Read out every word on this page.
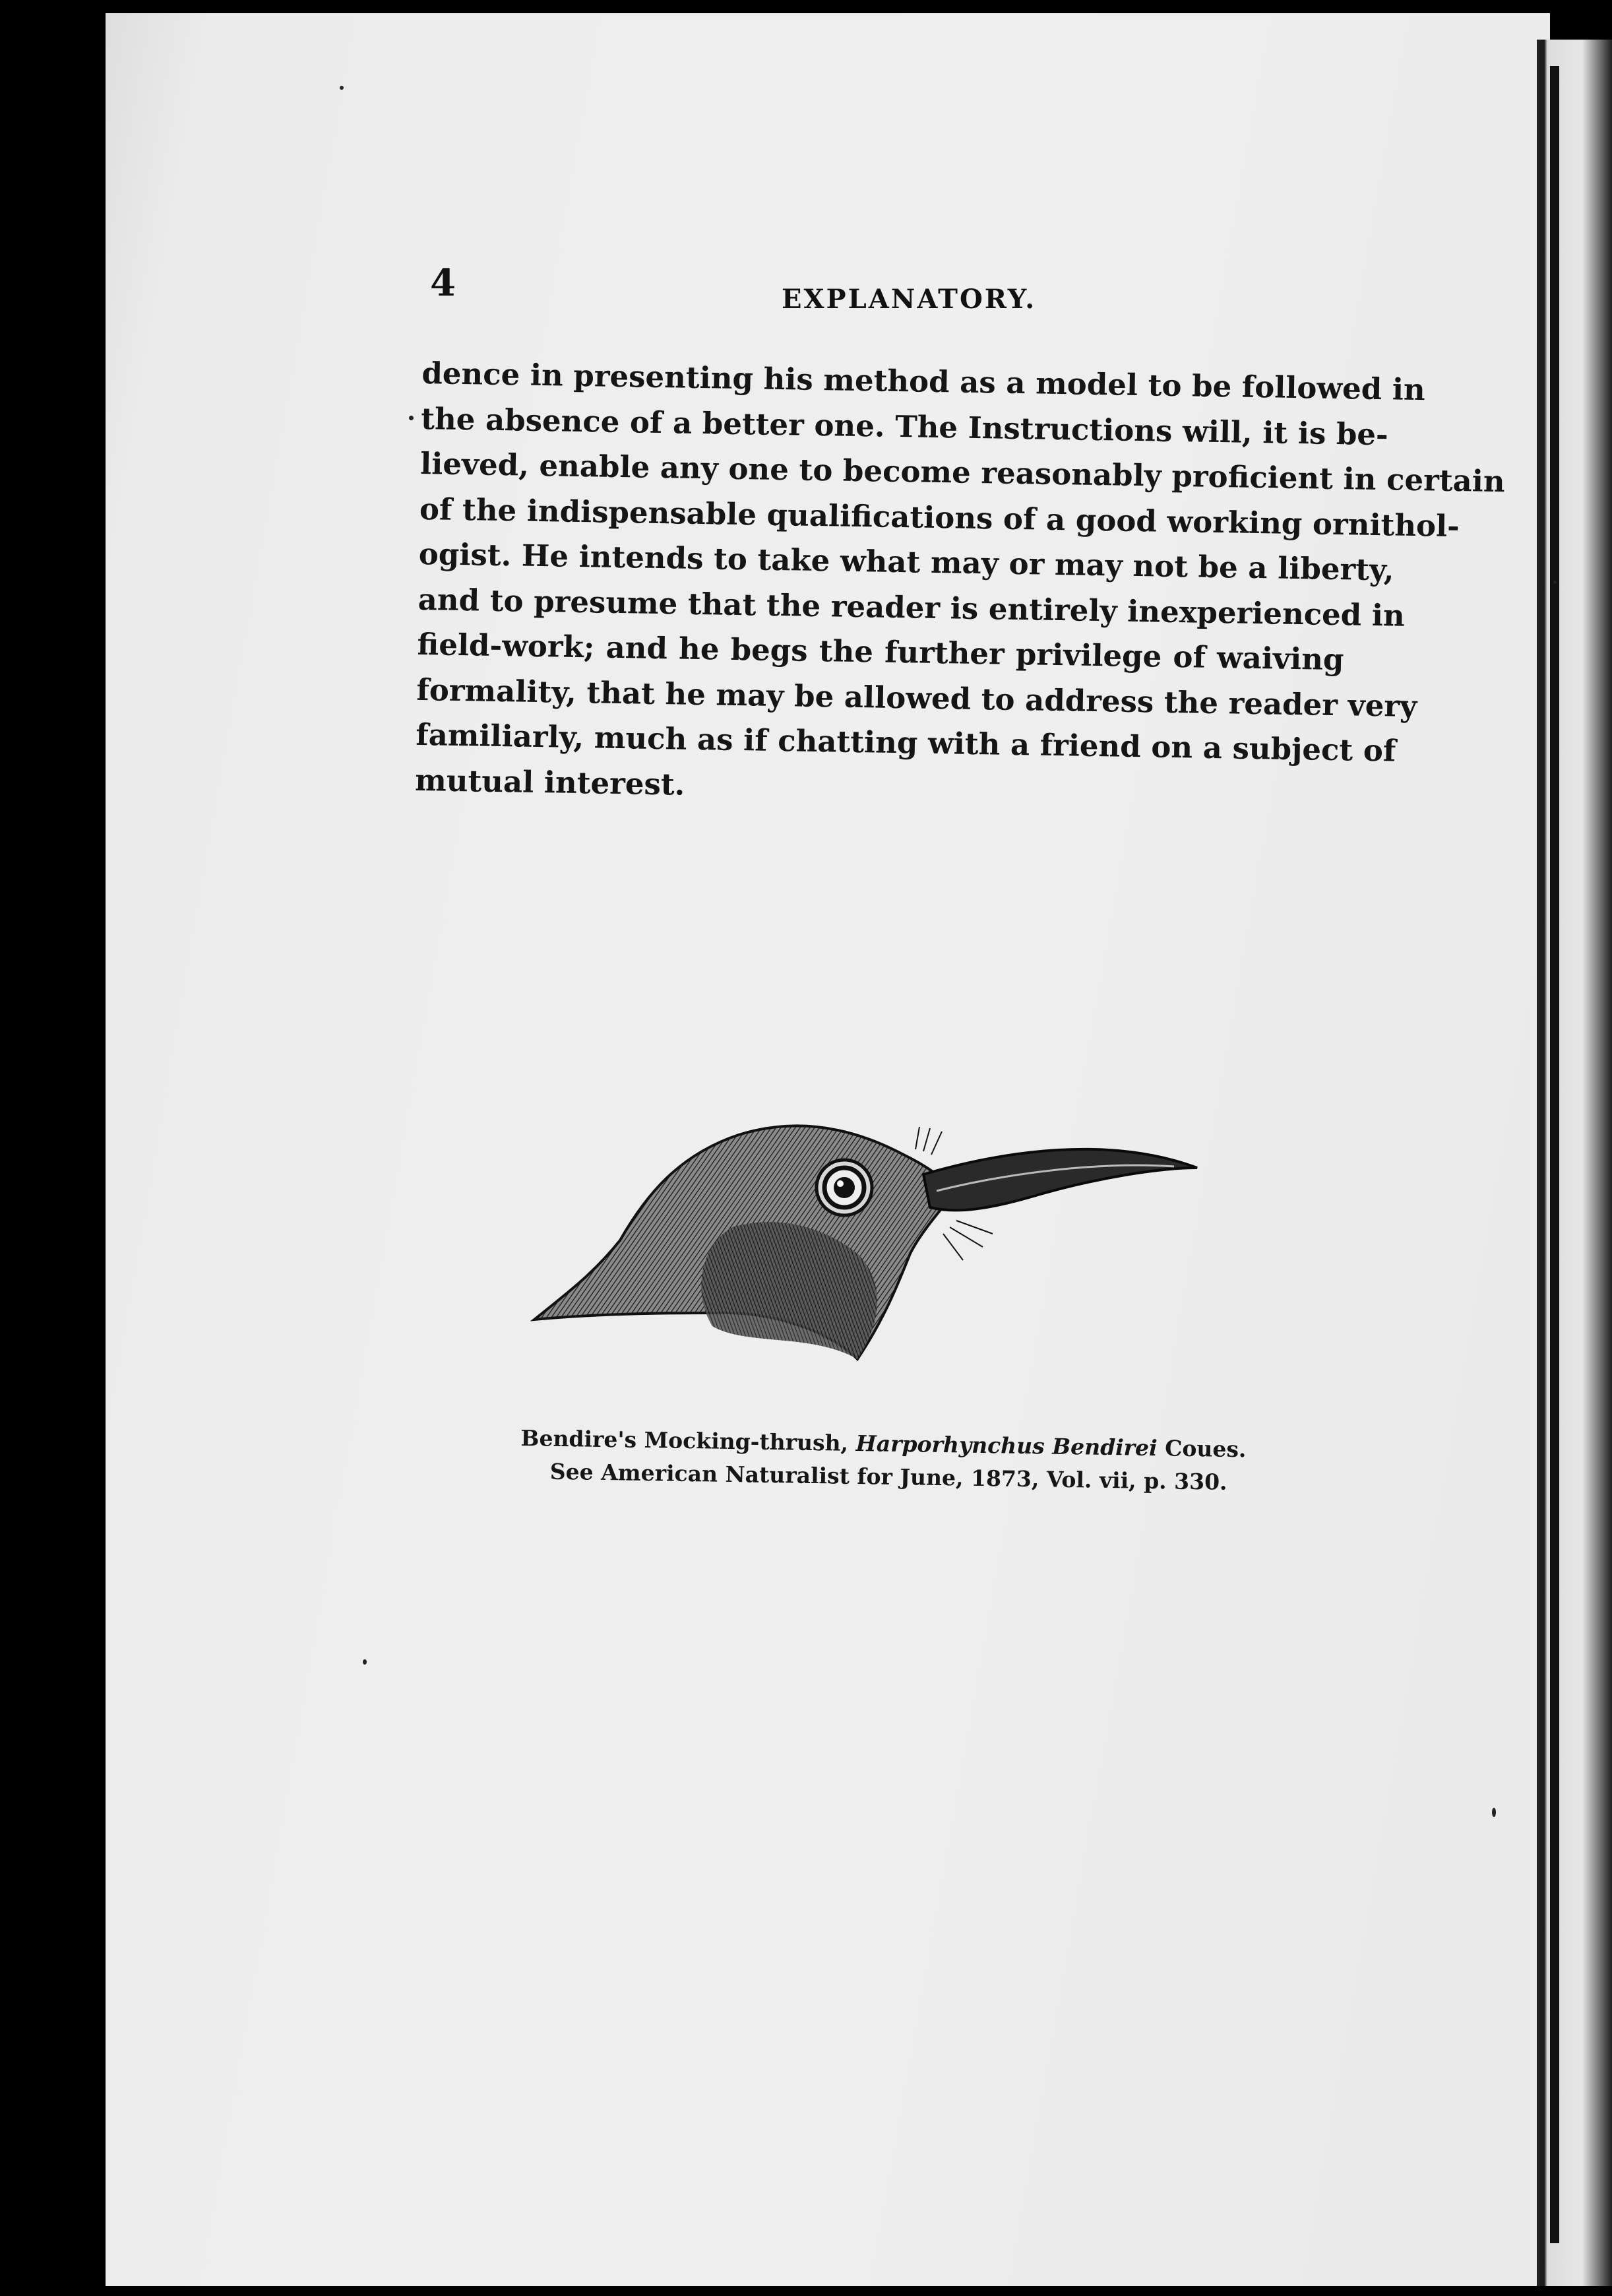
4	EXPLANATORY.
dence in presenting his method as a model to be followed in
the absence of a better one. The Instructions will, it is be-
lieved, enable any one to become reasonably proficient in certain
of the indispensable qualifications of a good working ornithol-
ogist. He intends to take what may or may not be a liberty,
and to presume that the reader is entirely inexperienced in
field-work; and he begs the further privilege of waiving
formality, that he may be allowed to address the reader very
familiarly, much as if chatting with a friend on a subject of
mutual interest.
Bendire's Mocking-thrush, Harporhynchus Bendirei Coues.
See American Naturalist for June, 1873, Vol. vii, p. 330.
